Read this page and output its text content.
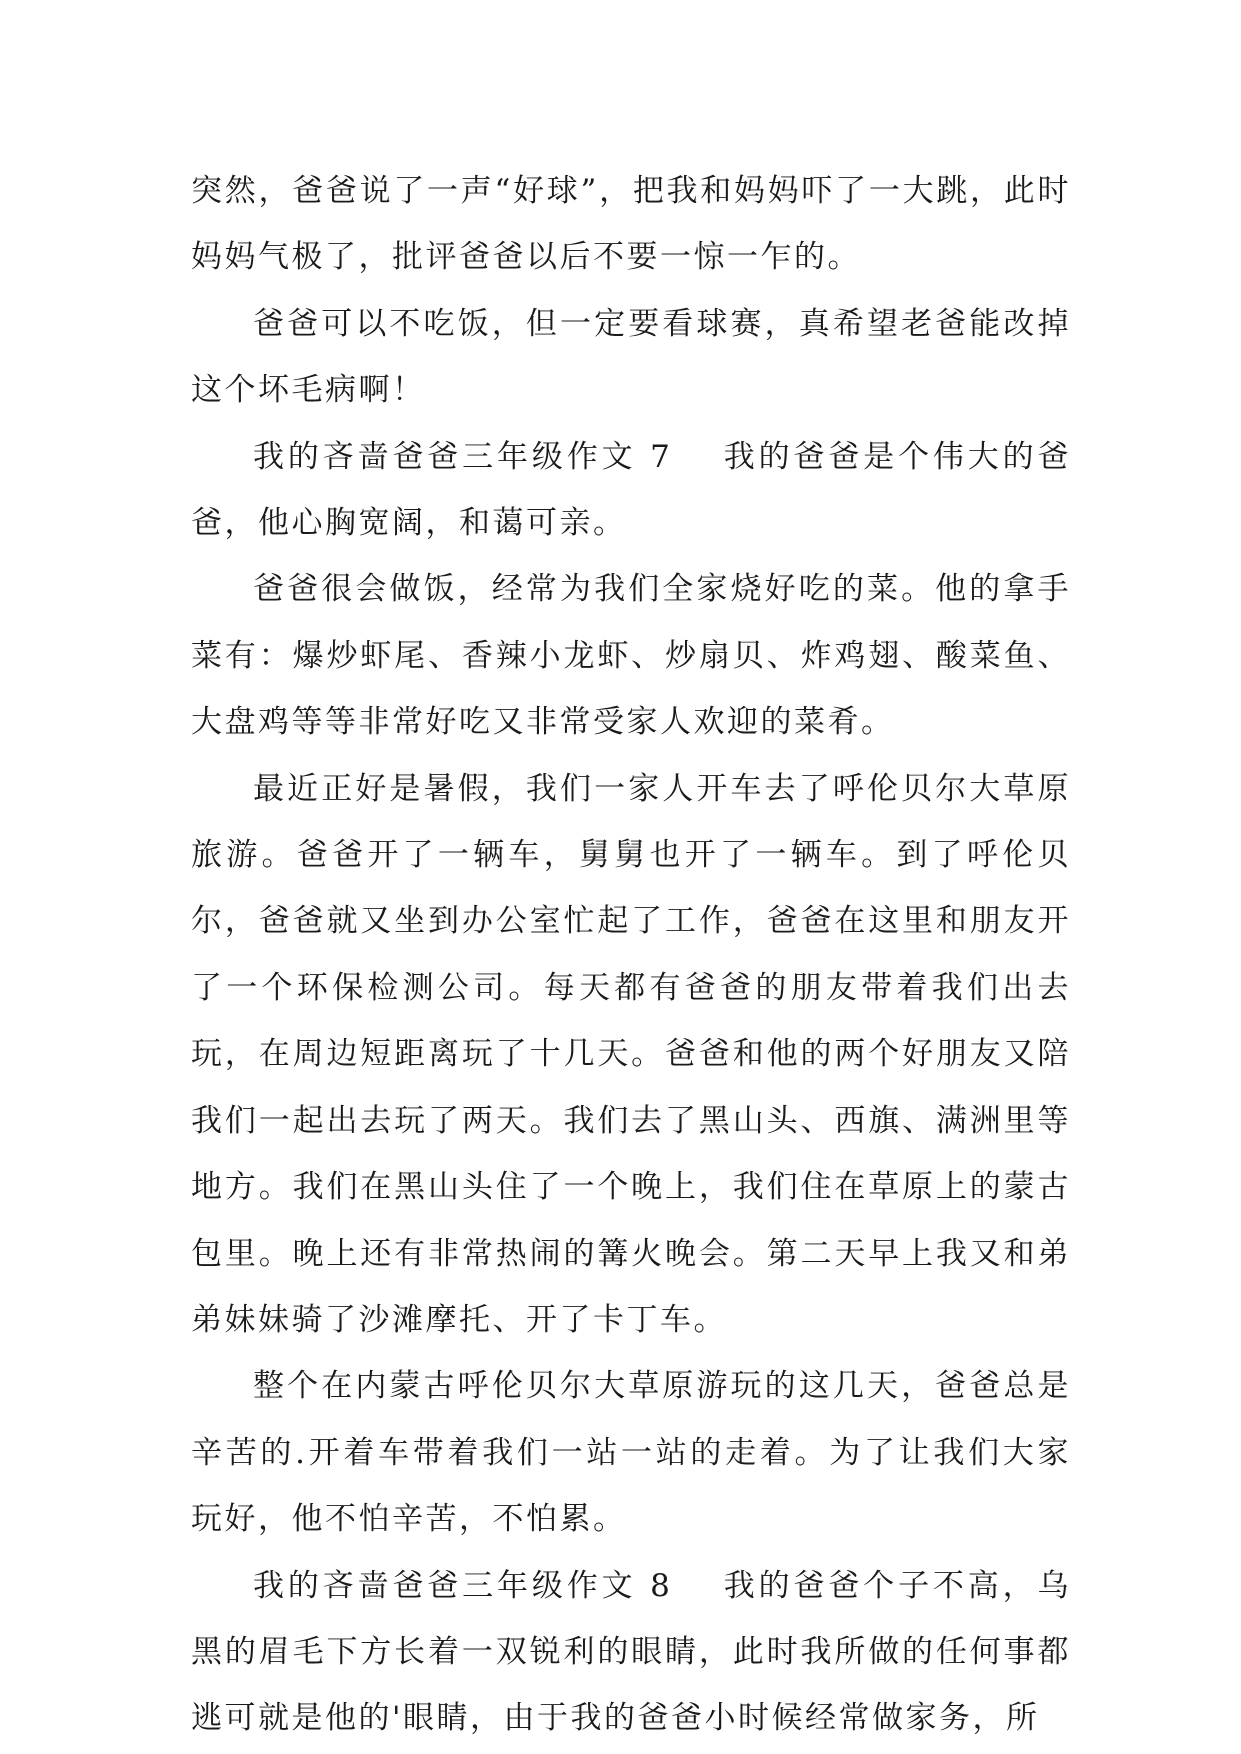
突然，爸爸说了一声“好球”，把我和妈妈吓了一大跳，此时妈妈气极了，批评爸爸以后不要一惊一乍的。

爸爸可以不吃饭，但一定要看球赛，真希望老爸能改掉这个坏毛病啊！

我的吝啬爸爸三年级作文 7 我的爸爸是个伟大的爸爸，他心胸宽阔，和蔼可亲。

爸爸很会做饭，经常为我们全家烧好吃的菜。他的拿手菜有：爆炒虾尾、香辣小龙虾、炒扇贝、炸鸡翅、酸菜鱼、大盘鸡等等非常好吃又非常受家人欢迎的菜肴。

最近正好是暑假，我们一家人开车去了呼伦贝尔大草原旅游。爸爸开了一辆车，舅舅也开了一辆车。到了呼伦贝尔，爸爸就又坐到办公室忙起了工作，爸爸在这里和朋友开了一个环保检测公司。每天都有爸爸的朋友带着我们出去玩，在周边短距离玩了十几天。爸爸和他的两个好朋友又陪我们一起出去玩了两天。我们去了黑山头、西旗、满洲里等地方。我们在黑山头住了一个晚上，我们住在草原上的蒙古包里。晚上还有非常热闹的篝火晚会。第二天早上我又和弟弟妹妹骑了沙滩摩托、开了卡丁车。

整个在内蒙古呼伦贝尔大草原游玩的这几天，爸爸总是辛苦的.开着车带着我们一站一站的走着。为了让我们大家玩好，他不怕辛苦，不怕累。

我的吝啬爸爸三年级作文 8 我的爸爸个子不高，乌黑的眉毛下方长着一双锐利的眼睛，此时我所做的任何事都逃可就是他的'眼睛，由于我的爸爸小时候经常做家务，所
